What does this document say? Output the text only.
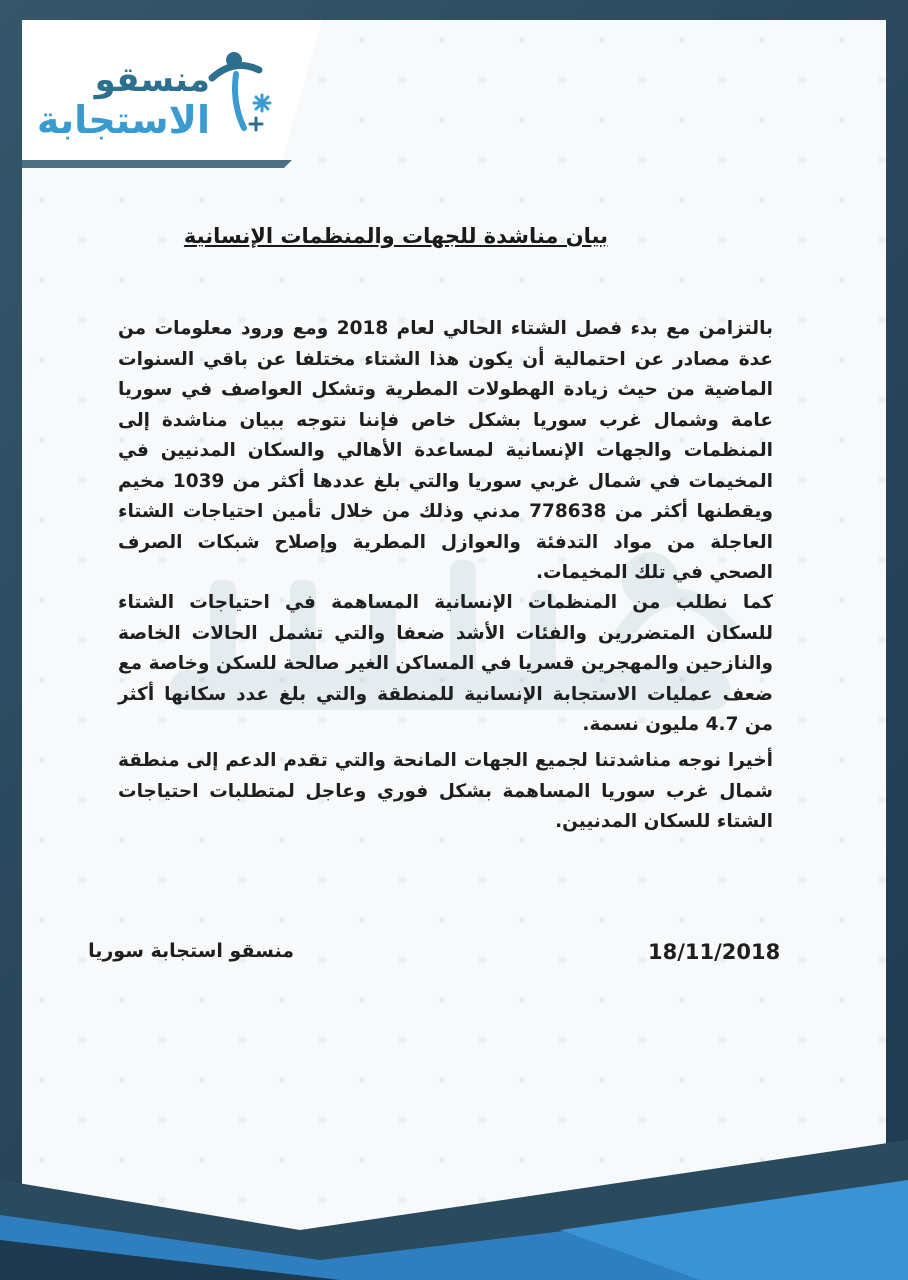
منسقو
الاستجابة
بيان مناشدة للجهات والمنظمات الإنسانية
بالتزامن مع بدء فصل الشتاء الحالي لعام 2018 ومع ورود معلومات من عدة مصادر عن احتمالية أن يكون هذا الشتاء مختلفا عن باقي السنوات الماضية من حيث زيادة الهطولات المطرية وتشكل العواصف في سوريا عامة وشمال غرب سوريا بشكل خاص فإننا نتوجه ببيان مناشدة إلى المنظمات والجهات الإنسانية لمساعدة الأهالي والسكان المدنيين في المخيمات في شمال غربي سوريا والتي بلغ عددها أكثر من 1039 مخيم ويقطنها أكثر من 778638 مدني وذلك من خلال تأمين احتياجات الشتاء العاجلة من مواد التدفئة والعوازل المطرية وإصلاح شبكات الصرف الصحي في تلك المخيمات.
كما نطلب من المنظمات الإنسانية المساهمة في احتياجات الشتاء للسكان المتضررين والفئات الأشد ضعفا والتي تشمل الحالات الخاصة والنازحين والمهجرين قسريا في المساكن الغير صالحة للسكن وخاصة مع ضعف عمليات الاستجابة الإنسانية للمنطقة والتي بلغ عدد سكانها أكثر من 4.7 مليون نسمة.
أخيرا نوجه مناشدتنا لجميع الجهات المانحة والتي تقدم الدعم إلى منطقة شمال غرب سوريا المساهمة بشكل فوري وعاجل لمتطلبات احتياجات الشتاء للسكان المدنيين.
18/11/2018
منسقو استجابة سوريا
